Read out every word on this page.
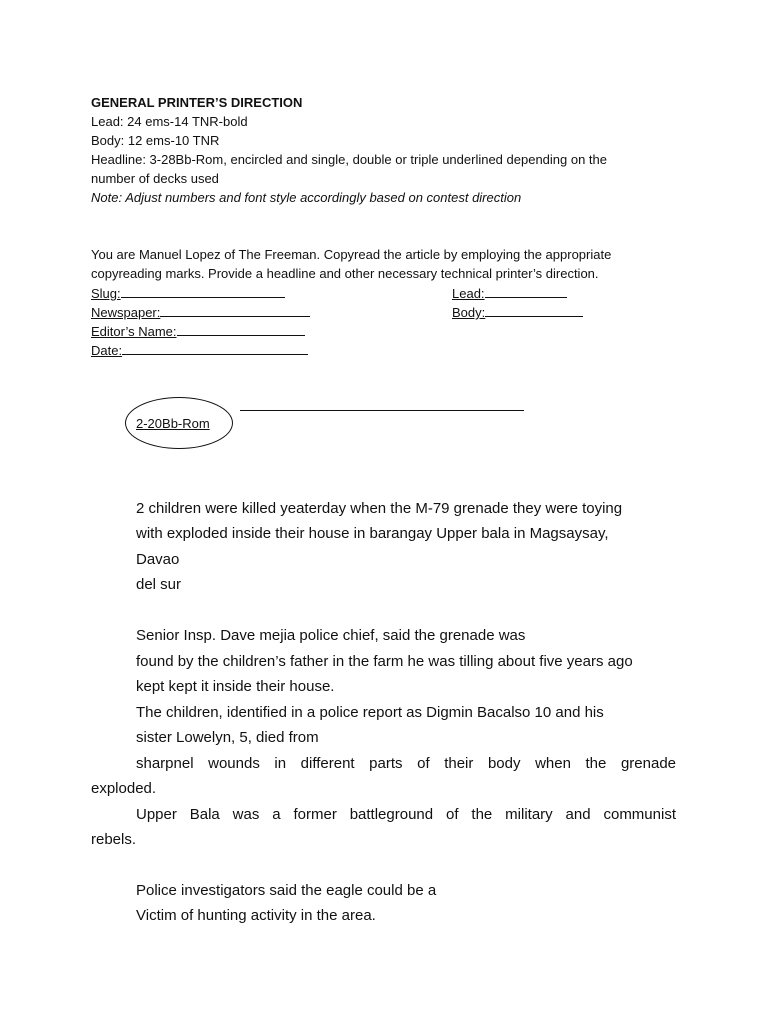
GENERAL PRINTER’S DIRECTION
Lead: 24 ems-14 TNR-bold
Body: 12 ems-10 TNR
Headline: 3-28Bb-Rom, encircled and single, double or triple underlined depending on the
number of decks used
Note: Adjust numbers and font style accordingly based on contest direction
You are Manuel Lopez of The Freeman. Copyread the article by employing the appropriate
copyreading marks. Provide a headline and other necessary technical printer’s direction.
Slug:
Newspaper:
Editor’s Name:
Date:
Lead:
Body:
2-20Bb-Rom
2 children were killed yeaterday when the M-79 grenade they were toying
with exploded inside their house in barangay Upper bala in Magsaysay,
Davao
del sur
Senior Insp. Dave mejia police chief, said the grenade was
found by the children’s father in the farm he was tilling about five years ago
kept kept it inside their house.
The children, identified in a police report as Digmin Bacalso 10 and his
sister Lowelyn, 5, died from
sharpnel wounds in different parts of their body when the grenade
exploded.
Upper Bala was a former battleground of the military and communist
rebels.
Police investigators said the eagle could be a
Victim of hunting activity in the area.
